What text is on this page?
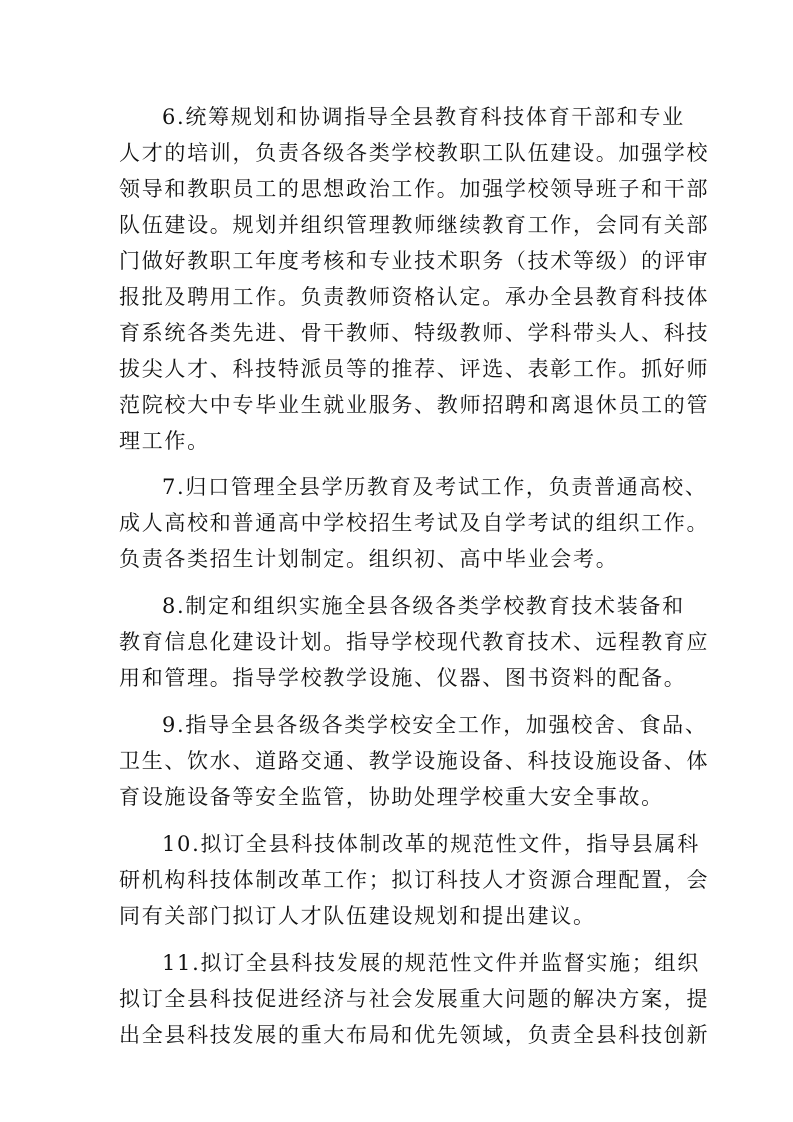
6.统筹规划和协调指导全县教育科技体育干部和专业
人才的培训，负责各级各类学校教职工队伍建设。加强学校
领导和教职员工的思想政治工作。加强学校领导班子和干部
队伍建设。规划并组织管理教师继续教育工作，会同有关部
门做好教职工年度考核和专业技术职务（技术等级）的评审
报批及聘用工作。负责教师资格认定。承办全县教育科技体
育系统各类先进、骨干教师、特级教师、学科带头人、科技
拔尖人才、科技特派员等的推荐、评选、表彰工作。抓好师
范院校大中专毕业生就业服务、教师招聘和离退休员工的管
理工作。
7.归口管理全县学历教育及考试工作，负责普通高校、
成人高校和普通高中学校招生考试及自学考试的组织工作。
负责各类招生计划制定。组织初、高中毕业会考。
8.制定和组织实施全县各级各类学校教育技术装备和
教育信息化建设计划。指导学校现代教育技术、远程教育应
用和管理。指导学校教学设施、仪器、图书资料的配备。
9.指导全县各级各类学校安全工作，加强校舍、食品、
卫生、饮水、道路交通、教学设施设备、科技设施设备、体
育设施设备等安全监管，协助处理学校重大安全事故。
10.拟订全县科技体制改革的规范性文件，指导县属科
研机构科技体制改革工作；拟订科技人才资源合理配置，会
同有关部门拟订人才队伍建设规划和提出建议。
11.拟订全县科技发展的规范性文件并监督实施；组织
拟订全县科技促进经济与社会发展重大问题的解决方案，提
出全县科技发展的重大布局和优先领域，负责全县科技创新
